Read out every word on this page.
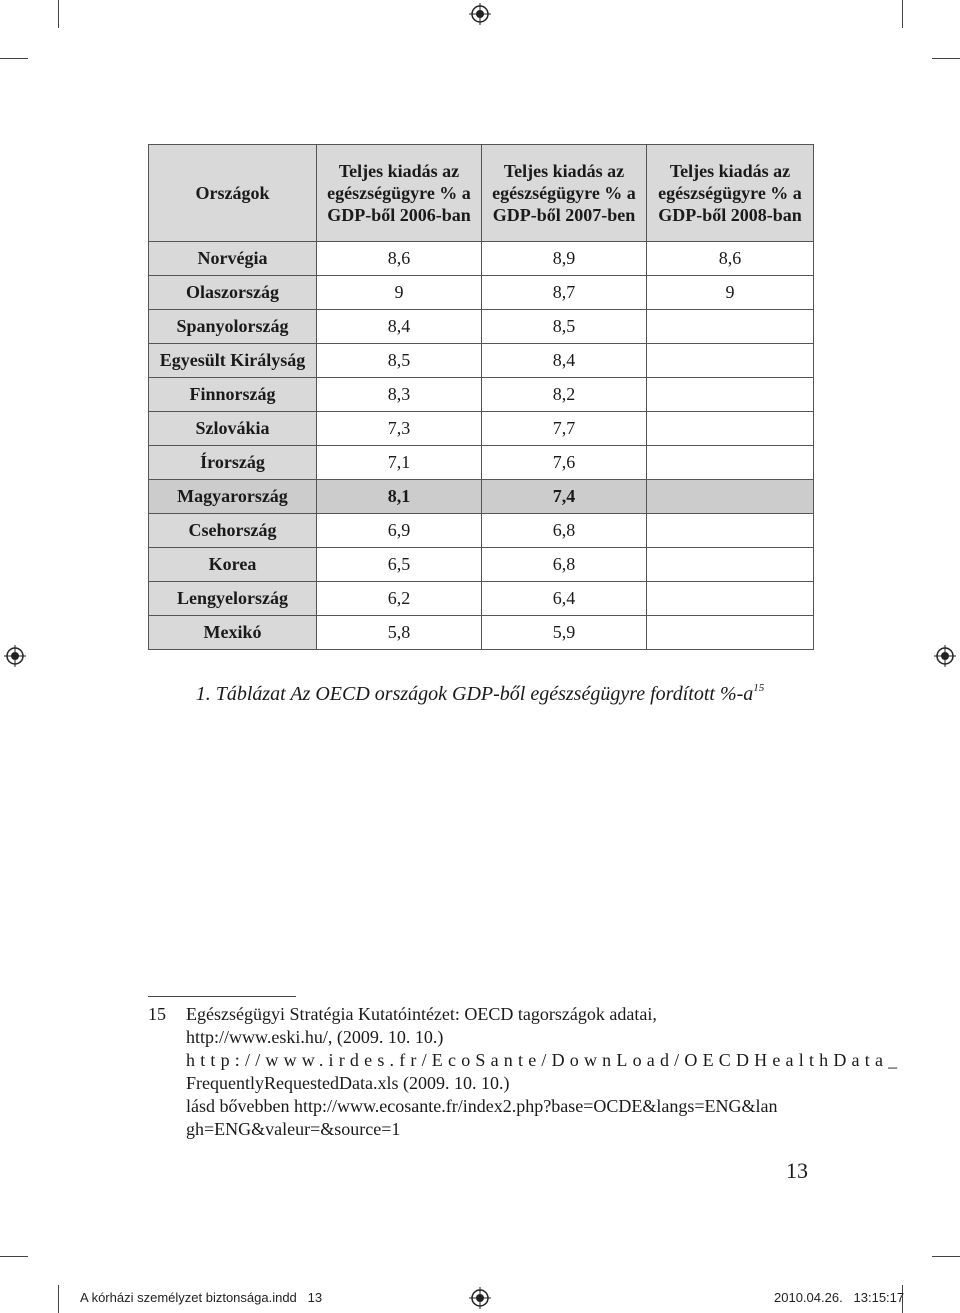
Országok	Teljes kiadás az egészségügyre % a GDP-ből 2006-ban	Teljes kiadás az egészségügyre % a GDP-ből 2007-ben	Teljes kiadás az egészségügyre % a GDP-ből 2008-ban
Norvégia	8,6	8,9	8,6
Olaszország	9	8,7	9
Spanyolország	8,4	8,5	
Egyesült Királyság	8,5	8,4	
Finnország	8,3	8,2	
Szlovákia	7,3	7,7	
Írország	7,1	7,6	
Magyarország	8,1	7,4	
Csehország	6,9	6,8	
Korea	6,5	6,8	
Lengyelország	6,2	6,4	
Mexikó	5,8	5,9	
1. Táblázat Az OECD országok GDP-ből egészségügyre fordított $\%-a^{15}$
15 Egészségügyi Stratégia Kutatóintézet: OECD tagországok adatai,
http://www.eski.hu/, (2009. 10. 10.)
http://www.irdes.fr/EcoSante/DownLoad/OECDHealthData_
FrequentlyRequestedData.xls (2009. 10. 10.)
lásd bővebben http://www.ecosante.fr/index2.php?base=OCDE&langs=ENG&lan
gh=ENG&valeur=&source=1
13
A kórházi személyzet biztonsága.indd   13	2010.04.26.   13:15:17
